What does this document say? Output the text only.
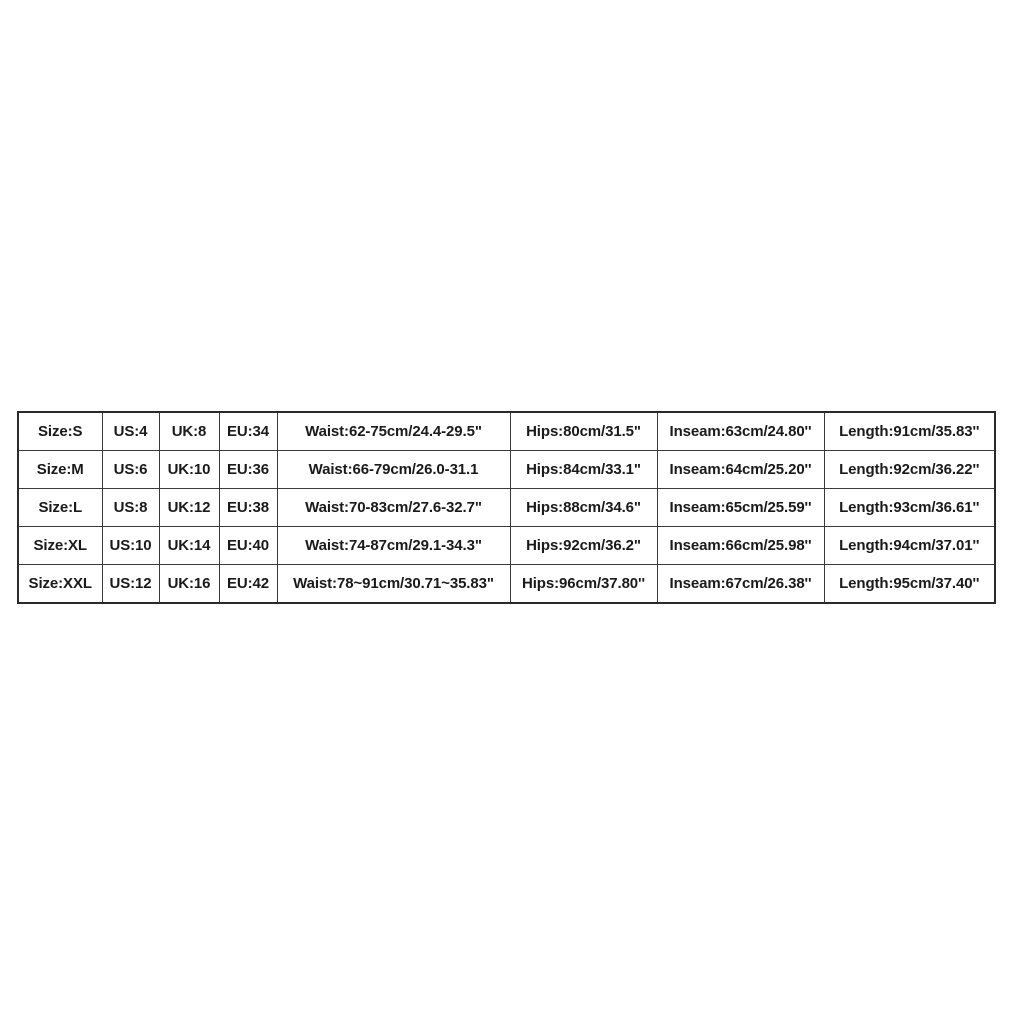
Size:S	US:4	UK:8	EU:34	Waist:62-75cm/24.4-29.5"	Hips:80cm/31.5"	Inseam:63cm/24.80''	Length:91cm/35.83''
Size:M	US:6	UK:10	EU:36	Waist:66-79cm/26.0-31.1	Hips:84cm/33.1"	Inseam:64cm/25.20''	Length:92cm/36.22''
Size:L	US:8	UK:12	EU:38	Waist:70-83cm/27.6-32.7"	Hips:88cm/34.6"	Inseam:65cm/25.59''	Length:93cm/36.61''
Size:XL	US:10	UK:14	EU:40	Waist:74-87cm/29.1-34.3"	Hips:92cm/36.2"	Inseam:66cm/25.98''	Length:94cm/37.01''
Size:XXL	US:12	UK:16	EU:42	Waist:78~91cm/30.71~35.83"	Hips:96cm/37.80''	Inseam:67cm/26.38''	Length:95cm/37.40''
